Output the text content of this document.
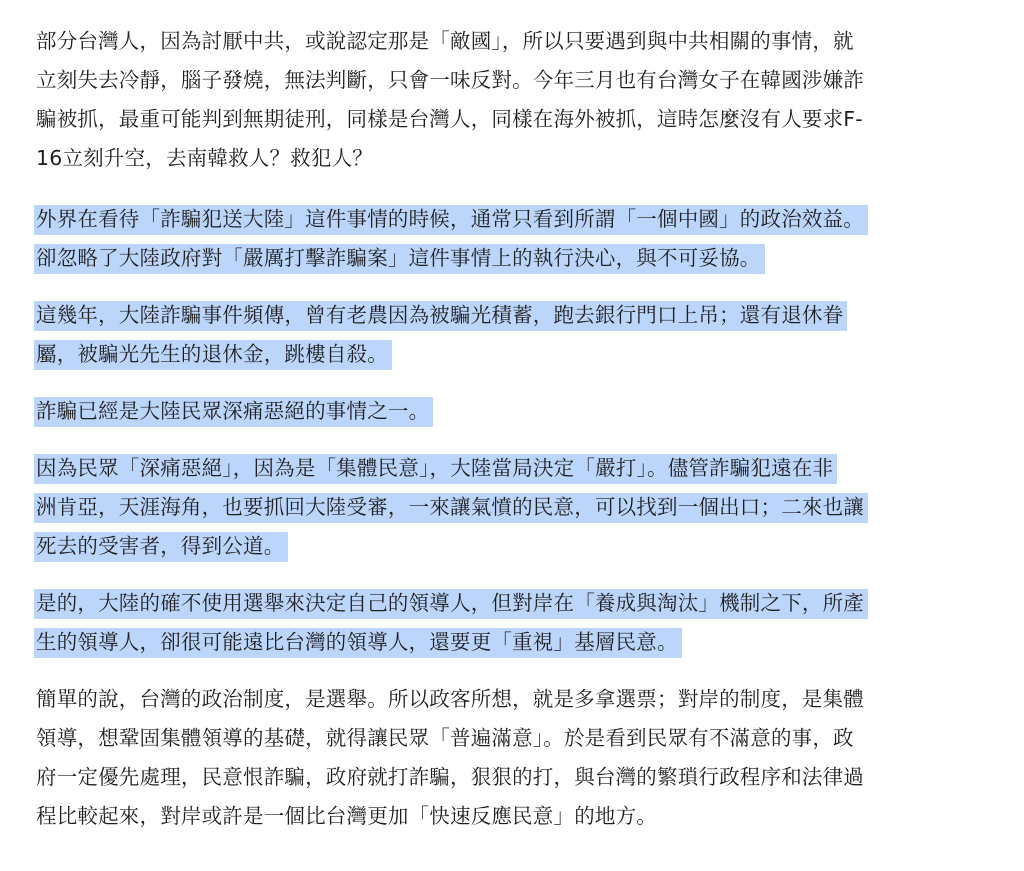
部分台灣人，因為討厭中共，或說認定那是「敵國」，所以只要遇到與中共相關的事情，就
立刻失去冷靜，腦子發燒，無法判斷，只會一味反對。今年三月也有台灣女子在韓國涉嫌詐
騙被抓，最重可能判到無期徒刑，同樣是台灣人，同樣在海外被抓，這時怎麼沒有人要求F-
16立刻升空，去南韓救人？救犯人？
外界在看待「詐騙犯送大陸」這件事情的時候，通常只看到所謂「一個中國」的政治效益。
卻忽略了大陸政府對「嚴厲打擊詐騙案」這件事情上的執行決心，與不可妥協。
這幾年，大陸詐騙事件頻傳，曾有老農因為被騙光積蓄，跑去銀行門口上吊；還有退休眷
屬，被騙光先生的退休金，跳樓自殺。
詐騙已經是大陸民眾深痛惡絕的事情之一。
因為民眾「深痛惡絕」，因為是「集體民意」，大陸當局決定「嚴打」。儘管詐騙犯遠在非
洲肯亞，天涯海角，也要抓回大陸受審，一來讓氣憤的民意，可以找到一個出口；二來也讓
死去的受害者，得到公道。
是的，大陸的確不使用選舉來決定自己的領導人，但對岸在「養成與淘汰」機制之下，所產
生的領導人，卻很可能遠比台灣的領導人，還要更「重視」基層民意。
簡單的說，台灣的政治制度，是選舉。所以政客所想，就是多拿選票；對岸的制度，是集體
領導，想鞏固集體領導的基礎，就得讓民眾「普遍滿意」。於是看到民眾有不滿意的事，政
府一定優先處理，民意恨詐騙，政府就打詐騙，狠狠的打，與台灣的繁瑣行政程序和法律過
程比較起來，對岸或許是一個比台灣更加「快速反應民意」的地方。
